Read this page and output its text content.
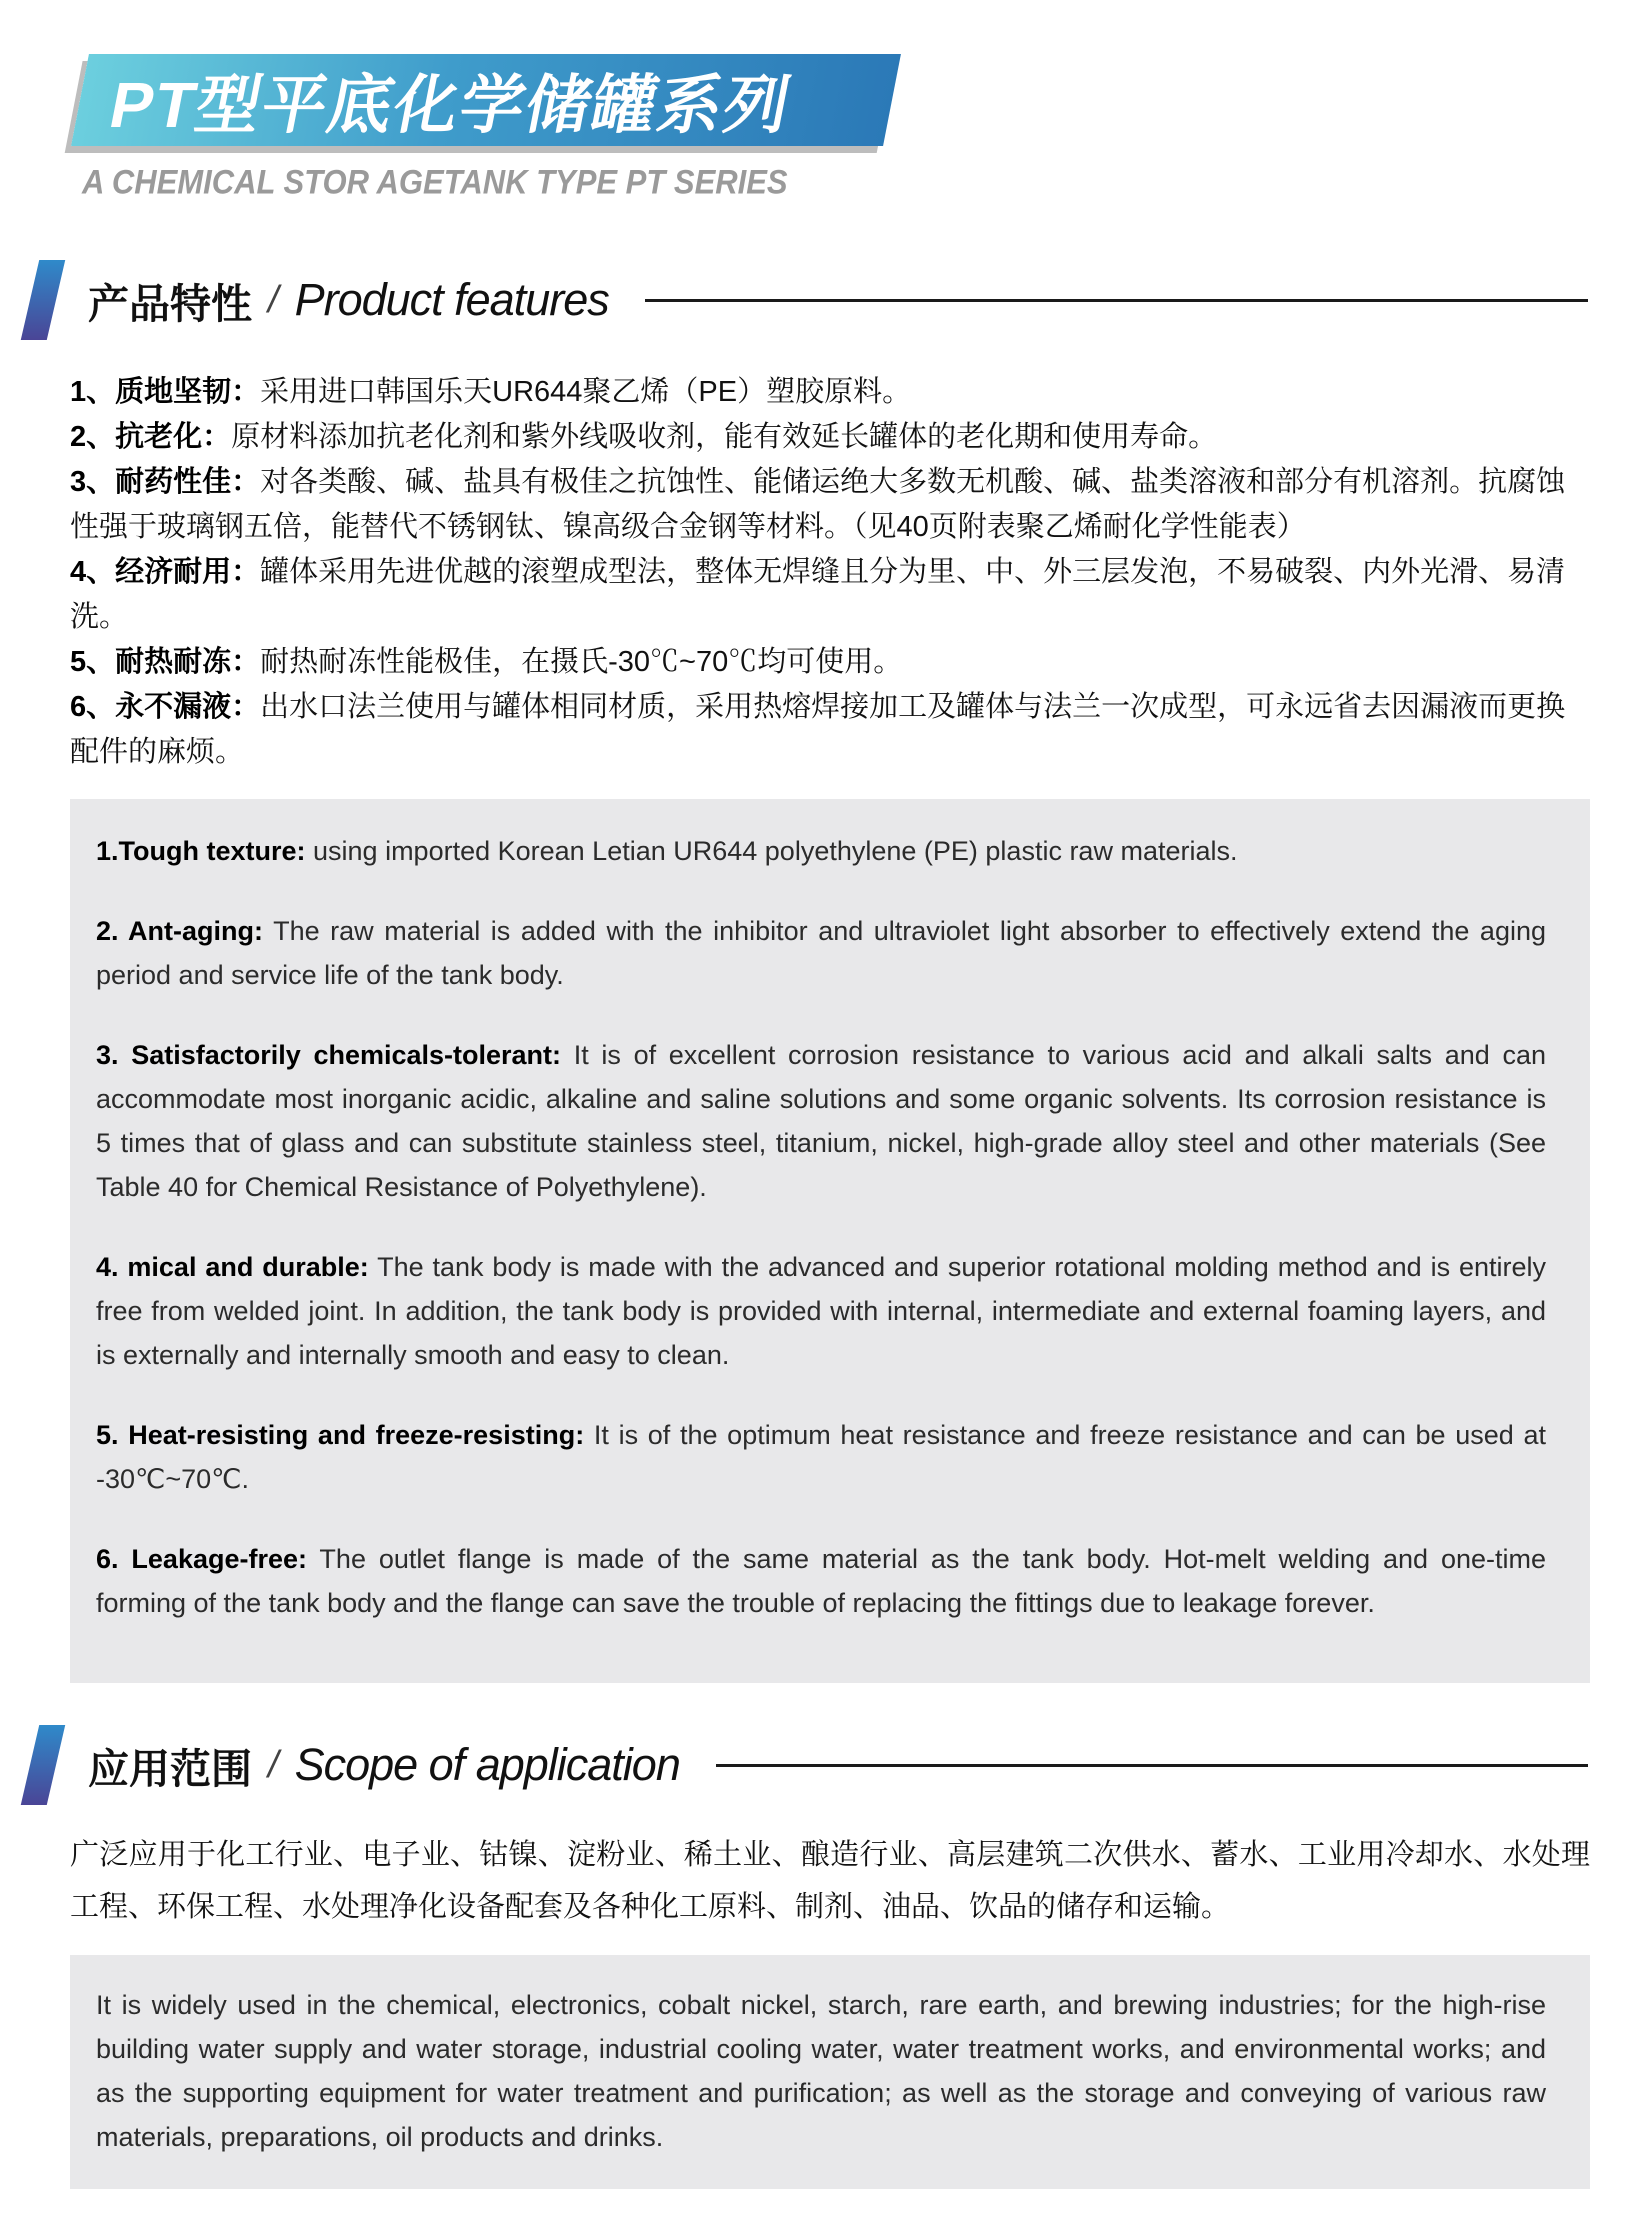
PT型平底化学储罐系列
A CHEMICAL STOR AGETANK TYPE PT SERIES
产品特性 / Product features
1、质地坚韧：采用进口韩国乐天UR644聚乙烯（PE）塑胶原料。
2、抗老化：原材料添加抗老化剂和紫外线吸收剂，能有效延长罐体的老化期和使用寿命。
3、耐药性佳：对各类酸、碱、盐具有极佳之抗蚀性、能储运绝大多数无机酸、碱、盐类溶液和部分有机溶剂。抗腐蚀性强于玻璃钢五倍，能替代不锈钢钛、镍高级合金钢等材料。（见40页附表聚乙烯耐化学性能表）
4、经济耐用：罐体采用先进优越的滚塑成型法，整体无焊缝且分为里、中、外三层发泡，不易破裂、内外光滑、易清洗。
5、耐热耐冻：耐热耐冻性能极佳，在摄氏-30℃~70℃均可使用。
6、永不漏液：出水口法兰使用与罐体相同材质，采用热熔焊接加工及罐体与法兰一次成型，可永远省去因漏液而更换配件的麻烦。

1.Tough texture: using imported Korean Letian UR644 polyethylene (PE) plastic raw materials.

2. Ant-aging: The raw material is added with the inhibitor and ultraviolet light absorber to effectively extend the aging period and service life of the tank body.

3. Satisfactorily chemicals-tolerant: It is of excellent corrosion resistance to various acid and alkali salts and can accommodate most inorganic acidic, alkaline and saline solutions and some organic solvents. Its corrosion resistance is 5 times that of glass and can substitute stainless steel, titanium, nickel, high-grade alloy steel and other materials (See Table 40 for Chemical Resistance of Polyethylene).

4. mical and durable: The tank body is made with the advanced and superior rotational molding method and is entirely free from welded joint. In addition, the tank body is provided with internal, intermediate and external foaming layers, and is externally and internally smooth and easy to clean.

5. Heat-resisting and freeze-resisting: It is of the optimum heat resistance and freeze resistance and can be used at -30℃~70℃.

6. Leakage-free: The outlet flange is made of the same material as the tank body. Hot-melt welding and one-time forming of the tank body and the flange can save the trouble of replacing the fittings due to leakage forever.

应用范围 / Scope of application
广泛应用于化工行业、电子业、钴镍、淀粉业、稀土业、酿造行业、高层建筑二次供水、蓄水、工业用冷却水、水处理工程、环保工程、水处理净化设备配套及各种化工原料、制剂、油品、饮品的储存和运输。

It is widely used in the chemical, electronics, cobalt nickel, starch, rare earth, and brewing industries; for the high-rise building water supply and water storage, industrial cooling water, water treatment works, and environmental works; and as the supporting equipment for water treatment and purification; as well as the storage and conveying of various raw materials, preparations, oil products and drinks.
